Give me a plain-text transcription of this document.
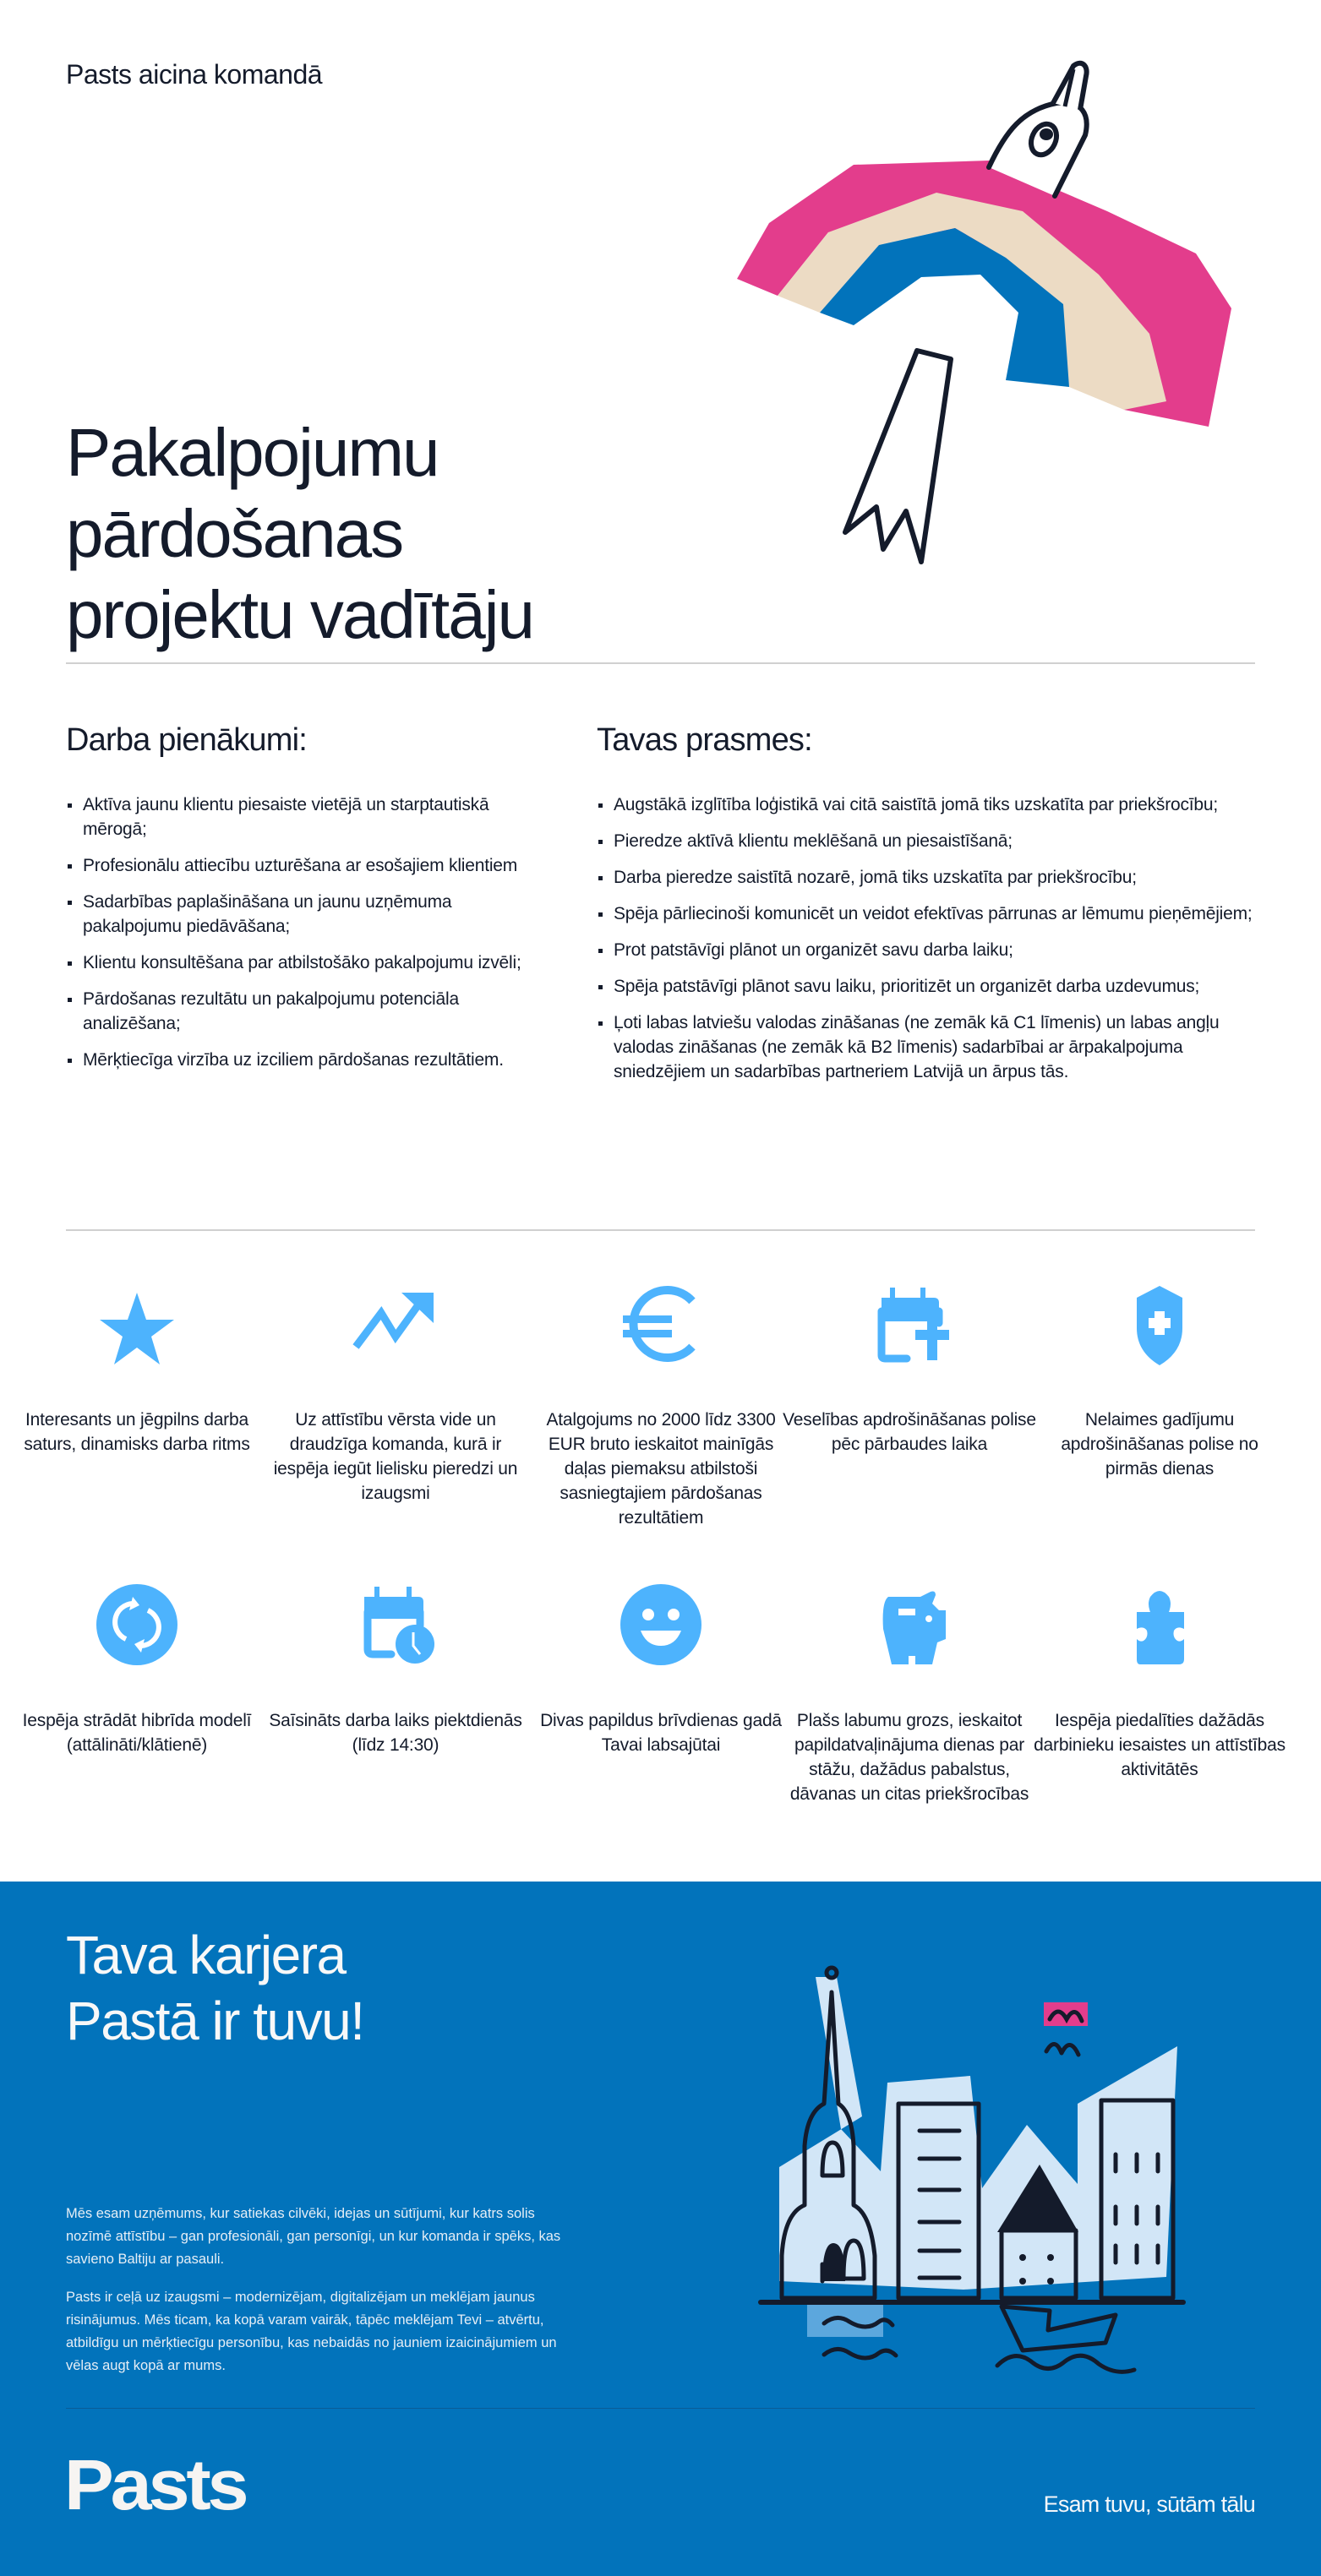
Pasts aicina komandā
Pakalpojumu
pārdošanas
projektu vadītāju
Darba pienākumi:
Aktīva jaunu klientu piesaiste vietējā un starptautiskā mērogā;
Profesionālu attiecību uzturēšana ar esošajiem klientiem
Sadarbības paplašināšana un jaunu uzņēmuma pakalpojumu piedāvāšana;
Klientu konsultēšana par atbilstošāko pakalpojumu izvēli;
Pārdošanas rezultātu un pakalpojumu potenciāla analizēšana;
Mērķtiecīga virzība uz izciliem pārdošanas rezultātiem.
Tavas prasmes:
Augstākā izglītība loģistikā vai citā saistītā jomā tiks uzskatīta par priekšrocību;
Pieredze aktīvā klientu meklēšanā un piesaistīšanā;
Darba pieredze saistītā nozarē, jomā tiks uzskatīta par priekšrocību;
Spēja pārliecinoši komunicēt un veidot efektīvas pārrunas ar lēmumu pieņēmējiem;
Prot patstāvīgi plānot un organizēt savu darba laiku;
Spēja patstāvīgi plānot savu laiku, prioritizēt un organizēt darba uzdevumus;
Ļoti labas latviešu valodas zināšanas (ne zemāk kā C1 līmenis) un labas angļu valodas zināšanas (ne zemāk kā B2 līmenis) sadarbībai ar ārpakalpojuma sniedzējiem un sadarbības partneriem Latvijā un ārpus tās.
Interesants un jēgpilns darba saturs, dinamisks darba ritms
Uz attīstību vērsta vide un draudzīga komanda, kurā ir iespēja iegūt lielisku pieredzi un izaugsmi
Atalgojums no 2000 līdz 3300 EUR bruto ieskaitot mainīgās daļas piemaksu atbilstoši sasniegtajiem pārdošanas rezultātiem
Veselības apdrošināšanas polise pēc pārbaudes laika
Nelaimes gadījumu apdrošināšanas polise no pirmās dienas
Iespēja strādāt hibrīda modelī (attālināti/klātienē)
Saīsināts darba laiks piektdienās (līdz 14:30)
Divas papildus brīvdienas gadā Tavai labsajūtai
Plašs labumu grozs, ieskaitot papildatvaļinājuma dienas par stāžu, dažādus pabalstus, dāvanas un citas priekšrocības
Iespēja piedalīties dažādās darbinieku iesaistes un attīstības aktivitātēs
Tava karjera
Pastā ir tuvu!

Mēs esam uzņēmums, kur satiekas cilvēki, idejas un sūtījumi, kur katrs solis nozīmē attīstību – gan profesionāli, gan personīgi, un kur komanda ir spēks, kas savieno Baltiju ar pasauli.

Pasts ir ceļā uz izaugsmi – modernizējam, digitalizējam un meklējam jaunus risinājumus. Mēs ticam, ka kopā varam vairāk, tāpēc meklējam Tevi – atvērtu, atbildīgu un mērķtiecīgu personību, kas nebaidās no jauniem izaicinājumiem un vēlas augt kopā ar mums.

Pasts	Esam tuvu, sūtām tālu
